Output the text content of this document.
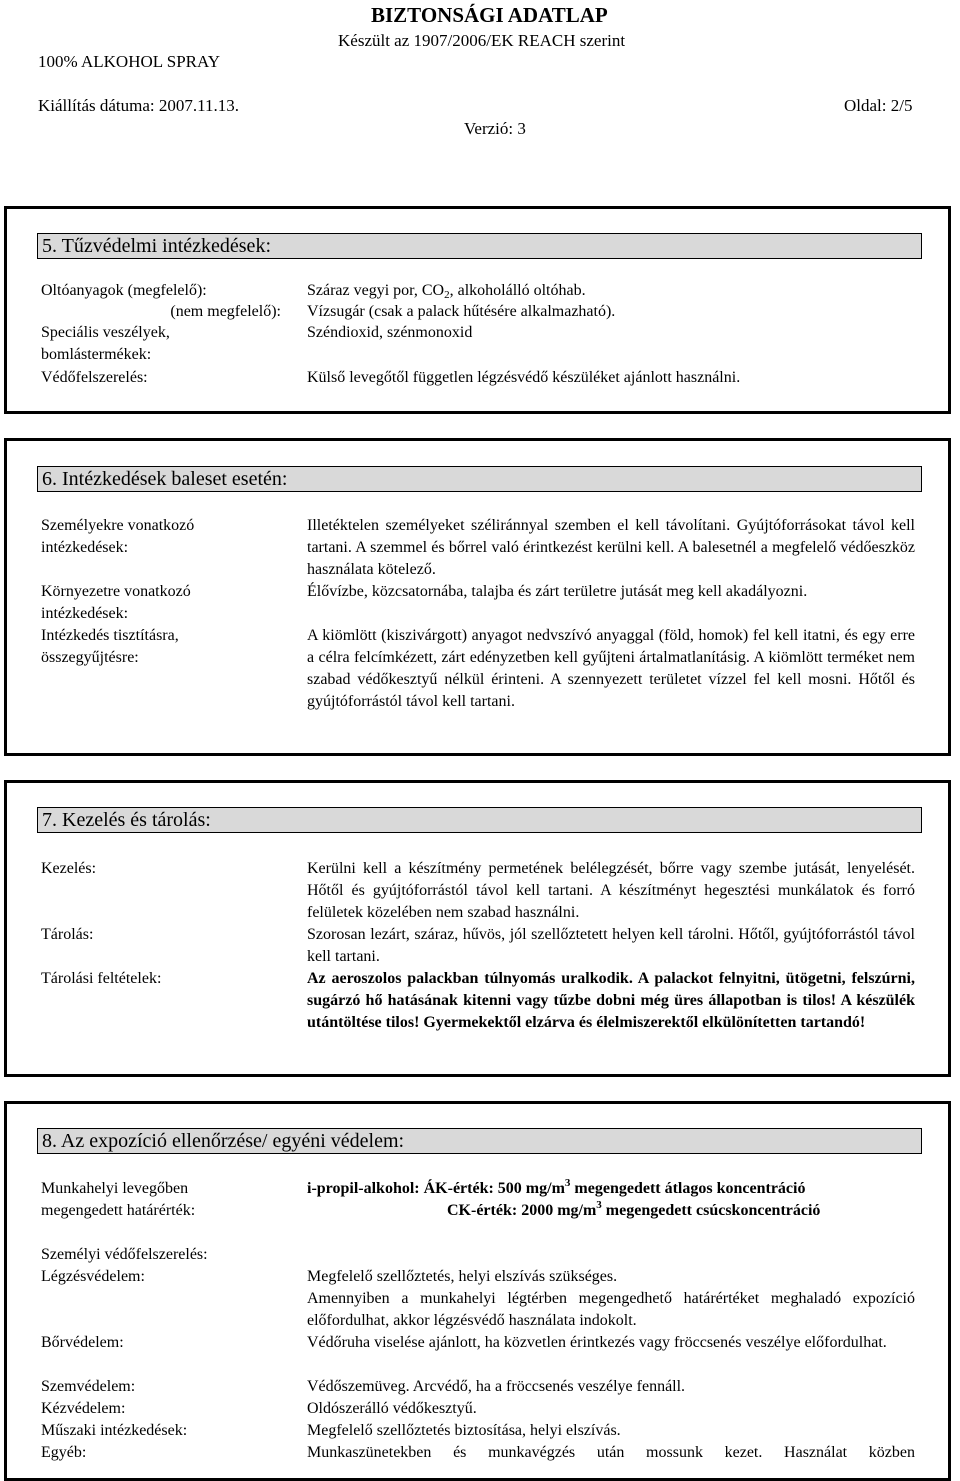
BIZTONSÁGI ADATLAP
Készült az 1907/2006/EK REACH szerint
100% ALKOHOL SPRAY
Kiállítás dátuma: 2007.11.13.	Oldal: 2/5
Verzió: 3
5. Tűzvédelmi intézkedések:
Oltóanyagok (megfelelő):	Száraz vegyi por, $CO_2$, alkoholálló oltóhab.
(nem megfelelő): Vízsugár (csak a palack hűtésére alkalmazható).
Speciális veszélyek, bomlástermékek:
Széndioxid, szénmonoxid
Védőfelszerelés:	Külső levegőtől független légzésvédő készüléket ajánlott használni.
6. Intézkedések baleset esetén:
Személyekre vonatkozó intézkedések:
Illetéktelen személyeket széliránnyal szemben el kell távolítani. Gyújtóforrásokat távol kell tartani. A szemmel és bőrrel való érintkezést kerülni kell. A balesetnél a megfelelő védőeszköz használata kötelező.
Környezetre vonatkozó intézkedések:
Élővízbe, közcsatornába, talajba és zárt területre jutását meg kell akadályozni.
Intézkedés tisztításra, összegyűjtésre:
A kiömlött (kiszivárgott) anyagot nedvszívó anyaggal (föld, homok) fel kell itatni, és egy erre a célra felcímkézett, zárt edényzetben kell gyűjteni ártalmatlanításig. A kiömlött terméket nem szabad védőkesztyű nélkül érinteni. A szennyezett területet vízzel fel kell mosni. Hőtől és gyújtóforrástól távol kell tartani.
7. Kezelés és tárolás:
Kezelés:	Kerülni kell a készítmény permetének belélegzését, bőrre vagy szembe jutását, lenyelését. Hőtől és gyújtóforrástól távol kell tartani. A készítményt hegesztési munkálatok és forró felületek közelében nem szabad használni.
Tárolás:	Szorosan lezárt, száraz, hűvös, jól szellőztetett helyen kell tárolni. Hőtől, gyújtóforrástól távol kell tartani.
Tárolási feltételek:	Az aeroszolos palackban túlnyomás uralkodik. A palackot felnyitni, ütögetni, felszúrni, sugárzó hő hatásának kitenni vagy tűzbe dobni még üres állapotban is tilos! A készülék utántöltése tilos! Gyermekektől elzárva és élelmiszerektől elkülönítetten tartandó!
8. Az expozíció ellenőrzése/ egyéni védelem:
Munkahelyi levegőben megengedett határérték:
i-propil-alkohol: ÁK-érték: 500 $mg/m^3$ megengedett átlagos koncentráció
CK-érték: 2000 $mg/m^3$ megengedett csúcskoncentráció
Személyi védőfelszerelés:
Légzésvédelem:	Megfelelő szellőztetés, helyi elszívás szükséges.
Amennyiben a munkahelyi légtérben megengedhető határértéket meghaladó expozíció előfordulhat, akkor légzésvédő használata indokolt.
Bőrvédelem:	Védőruha viselése ajánlott, ha közvetlen érintkezés vagy fröccsenés veszélye előfordulhat.
Szemvédelem:	Védőszemüveg. Arcvédő, ha a fröccsenés veszélye fennáll.
Kézvédelem:	Oldószerálló védőkesztyű.
Műszaki intézkedések:	Megfelelő szellőztetés biztosítása, helyi elszívás.
Egyéb:	Munkaszünetekben és munkavégzés után mossunk kezet. Használat közben
